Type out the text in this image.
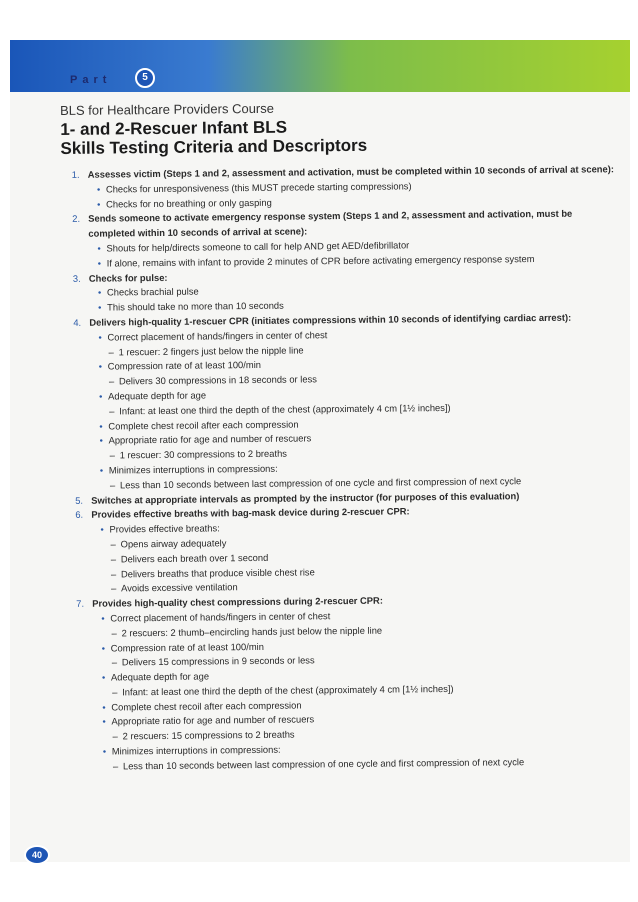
Part	5
BLS for Healthcare Providers Course
1- and 2-Rescuer Infant BLS
Skills Testing Criteria and Descriptors
1. Assesses victim (Steps 1 and 2, assessment and activation, must be completed within 10 seconds of arrival at scene):
• Checks for unresponsiveness (this MUST precede starting compressions)
• Checks for no breathing or only gasping
2. Sends someone to activate emergency response system (Steps 1 and 2, assessment and activation, must be completed within 10 seconds of arrival at scene):
• Shouts for help/directs someone to call for help AND get AED/defibrillator
• If alone, remains with infant to provide 2 minutes of CPR before activating emergency response system
3. Checks for pulse:
• Checks brachial pulse
• This should take no more than 10 seconds
4. Delivers high-quality 1-rescuer CPR (initiates compressions within 10 seconds of identifying cardiac arrest):
• Correct placement of hands/fingers in center of chest
– 1 rescuer: 2 fingers just below the nipple line
• Compression rate of at least 100/min
– Delivers 30 compressions in 18 seconds or less
• Adequate depth for age
– Infant: at least one third the depth of the chest (approximately 4 cm [1½ inches])
• Complete chest recoil after each compression
• Appropriate ratio for age and number of rescuers
– 1 rescuer: 30 compressions to 2 breaths
• Minimizes interruptions in compressions:
– Less than 10 seconds between last compression of one cycle and first compression of next cycle
5. Switches at appropriate intervals as prompted by the instructor (for purposes of this evaluation)
6. Provides effective breaths with bag-mask device during 2-rescuer CPR:
• Provides effective breaths:
– Opens airway adequately
– Delivers each breath over 1 second
– Delivers breaths that produce visible chest rise
– Avoids excessive ventilation
7. Provides high-quality chest compressions during 2-rescuer CPR:
• Correct placement of hands/fingers in center of chest
– 2 rescuers: 2 thumb–encircling hands just below the nipple line
• Compression rate of at least 100/min
– Delivers 15 compressions in 9 seconds or less
• Adequate depth for age
– Infant: at least one third the depth of the chest (approximately 4 cm [1½ inches])
• Complete chest recoil after each compression
• Appropriate ratio for age and number of rescuers
– 2 rescuers: 15 compressions to 2 breaths
• Minimizes interruptions in compressions:
– Less than 10 seconds between last compression of one cycle and first compression of next cycle
40
